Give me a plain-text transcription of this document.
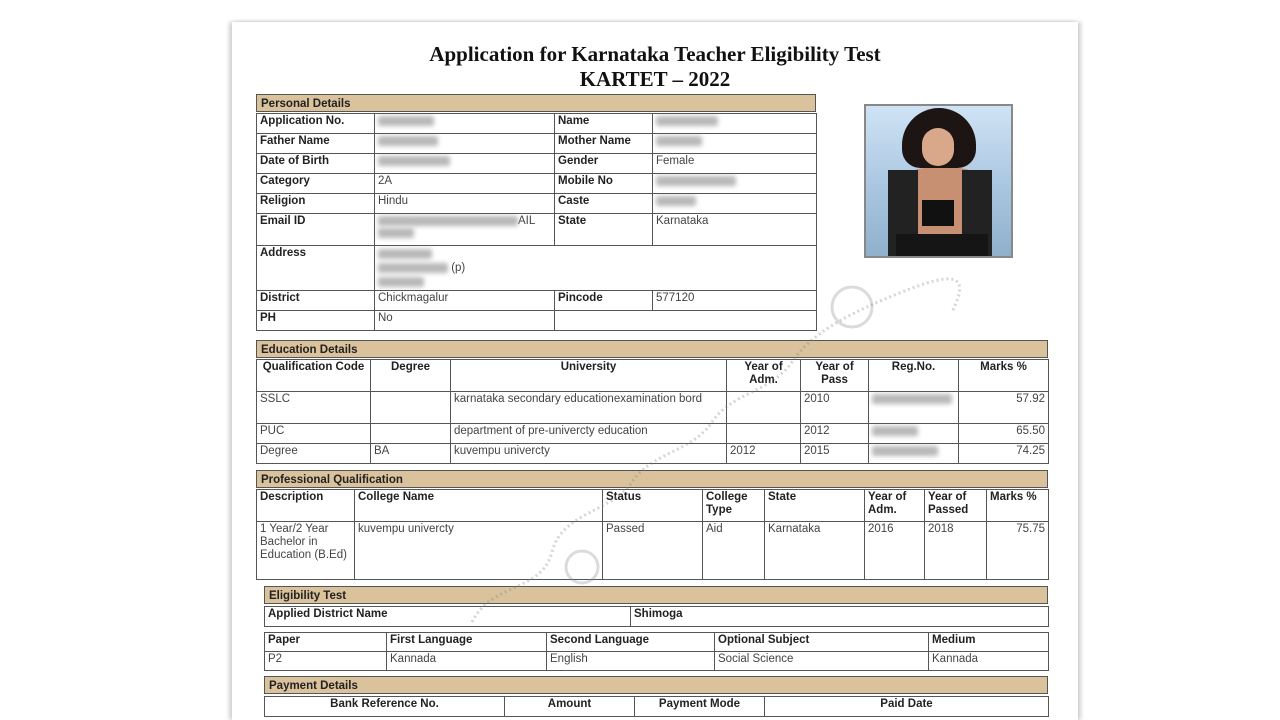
Application for Karnataka Teacher Eligibility Test
KARTET – 2022
Personal Details
Application No.		Name	
Father Name		Mother Name	
Date of Birth		Gender	Female
Category	2A	Mobile No	
Religion	Hindu	Caste	
Email ID	AIL	State	Karnataka
Address	(p)		

District	Chickmagalur	Pincode	577120
PH	No		
Education Details
Qualification Code	Degree	University	Year of Adm.	Year of Pass	Reg.No.	Marks %
SSLC		karnataka secondary educationexamination bord		2010		57.92
PUC		department of pre-univercty education		2012		65.50
Degree	BA	kuvempu univercty	2012	2015		74.25
Professional Qualification
Description	College Name	Status	College Type	State	Year of Adm.	Year of Passed	Marks %
1 Year/2 Year Bachelor in Education (B.Ed)	kuvempu univercty	Passed	Aid	Karnataka	2016	2018	75.75
Eligibility Test
Applied District Name	Shimoga
Paper	First Language	Second Language	Optional Subject	Medium
P2	Kannada	English	Social Science	Kannada
Payment Details
Bank Reference No.	Amount	Payment Mode	Paid Date
